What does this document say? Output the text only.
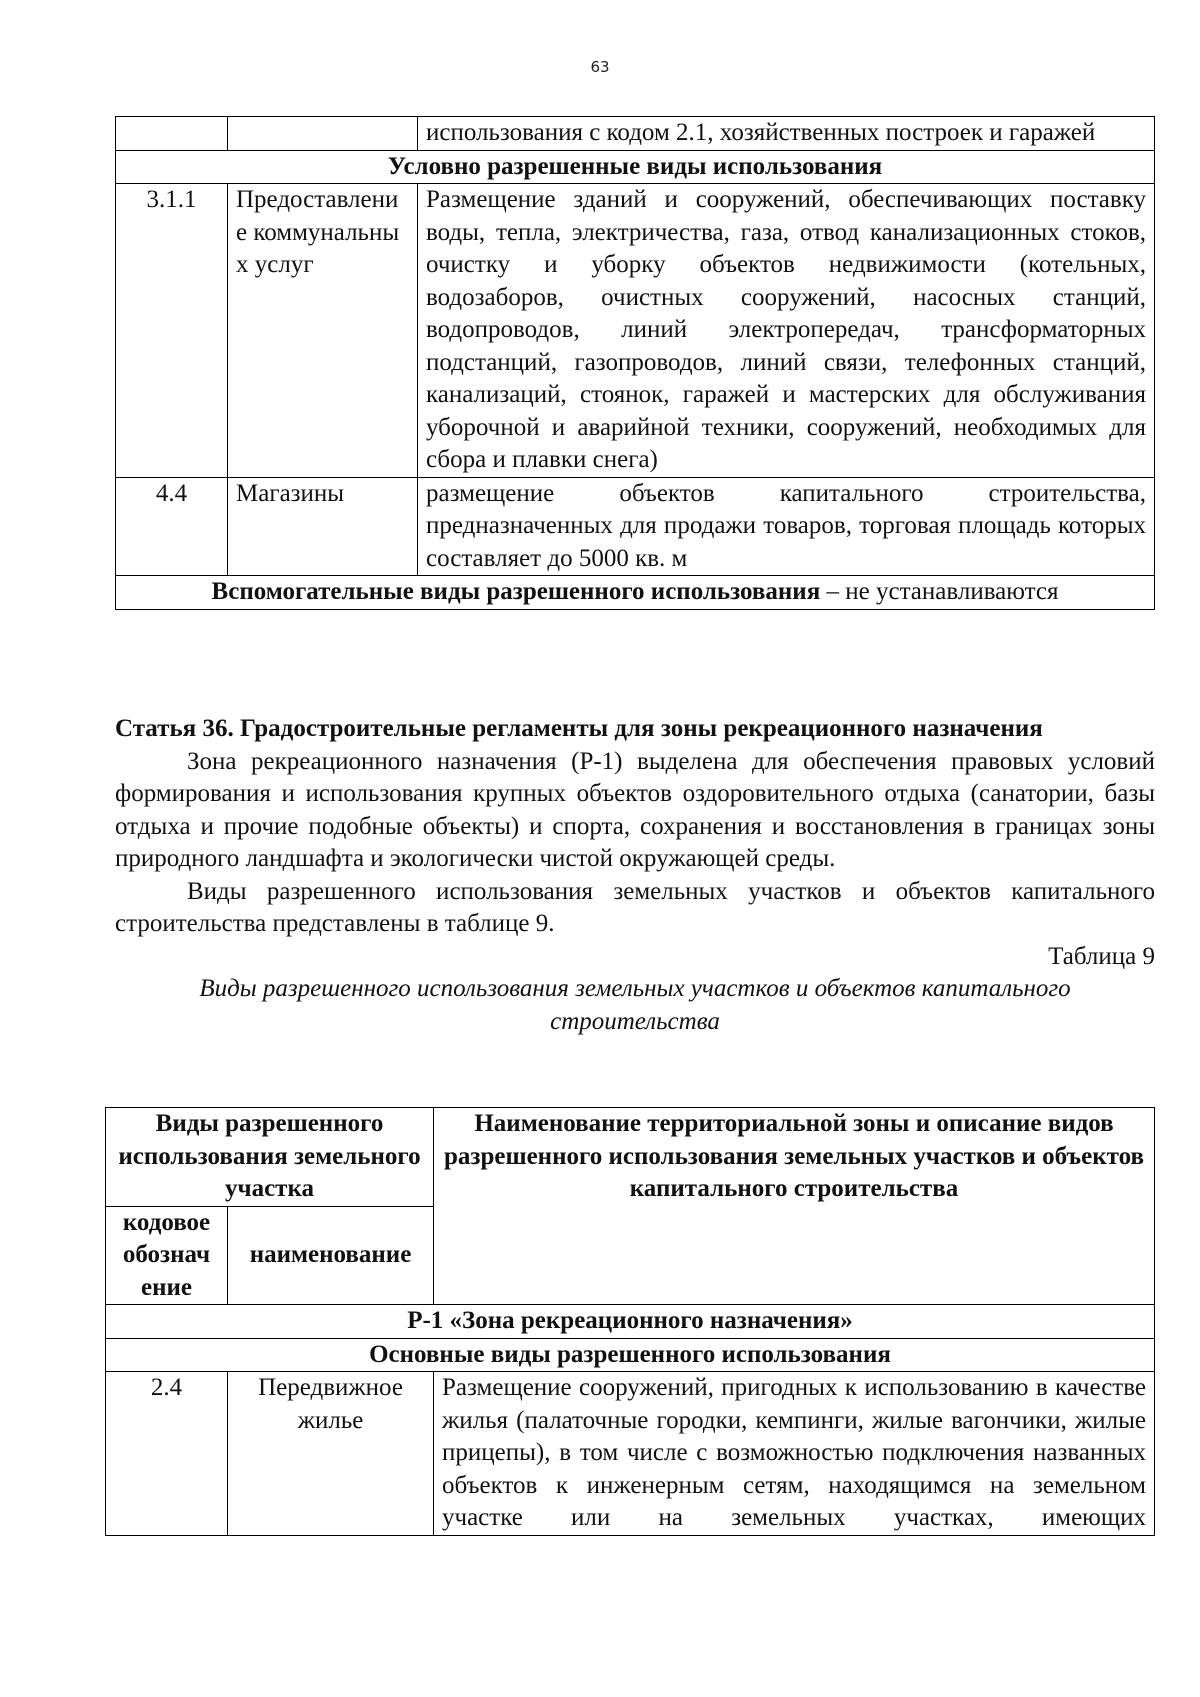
63
		использования с кодом 2.1, хозяйственных построек и гаражей
Условно разрешенные виды использования		
3.1.1	Предоставлени е коммунальных услуг	Размещение зданий и сооружений, обеспечивающих поставку воды, тепла, электричества, газа, отвод канализационных стоков, очистку и уборку объектов недвижимости (котельных, водозаборов, очистных сооружений, насосных станций, водопроводов, линий электропередач, трансформаторных подстанций, газопроводов, линий связи, телефонных станций, канализаций, стоянок, гаражей и мастерских для обслуживания уборочной и аварийной техники, сооружений, необходимых для сбора и плавки снега)
4.4	Магазины	размещение объектов капитального строительства, предназначенных для продажи товаров, торговая площадь которых составляет до 5000 кв. м
Вспомогательные виды разрешенного использования – не устанавливаются		
Статья 36. Градостроительные регламенты для зоны рекреационного назначения

Зона рекреационного назначения (Р-1) выделена для обеспечения правовых условий формирования и использования крупных объектов оздоровительного отдыха (санатории, базы отдыха и прочие подобные объекты) и спорта, сохранения и восстановления в границах зоны природного ландшафта и экологически чистой окружающей среды.

Виды разрешенного использования земельных участков и объектов капитального строительства представлены в таблице 9.

Таблица 9

Виды разрешенного использования земельных участков и объектов капитального строительства

Виды разрешенного использования земельного участка		Наименование территориальной зоны и описание видов разрешенного использования земельных участков и объектов капитального строительства
кодовое обознач ение	наименование	
Р-1 «Зона рекреационного назначения»		
Основные виды разрешенного использования		
2.4	Передвижное жилье	Размещение сооружений, пригодных к использованию в качестве жилья (палаточные городки, кемпинги, жилые вагончики, жилые прицепы), в том числе с возможностью подключения названных объектов к инженерным сетям, находящимся на земельном участке или на земельных участках, имеющих
